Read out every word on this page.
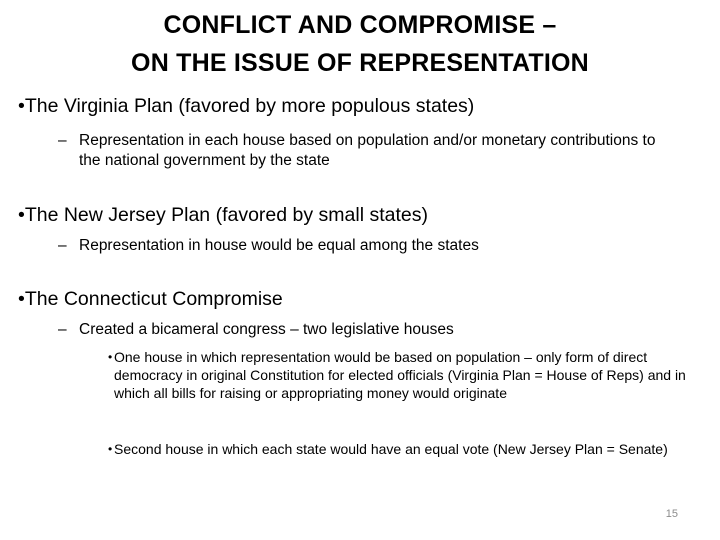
CONFLICT AND COMPROMISE –
ON THE ISSUE OF REPRESENTATION
•The Virginia Plan (favored by more populous states)
– Representation in each house based on population and/or monetary contributions to the national government by the state
•The New Jersey Plan (favored by small states)
– Representation in house would be equal among the states
•The Connecticut Compromise
– Created a bicameral congress – two legislative houses
• One house in which representation would be based on population – only form of direct democracy in original Constitution for elected officials (Virginia Plan = House of Reps) and in which all bills for raising or appropriating money would originate
• Second house in which each state would have an equal vote (New Jersey Plan = Senate)
15
